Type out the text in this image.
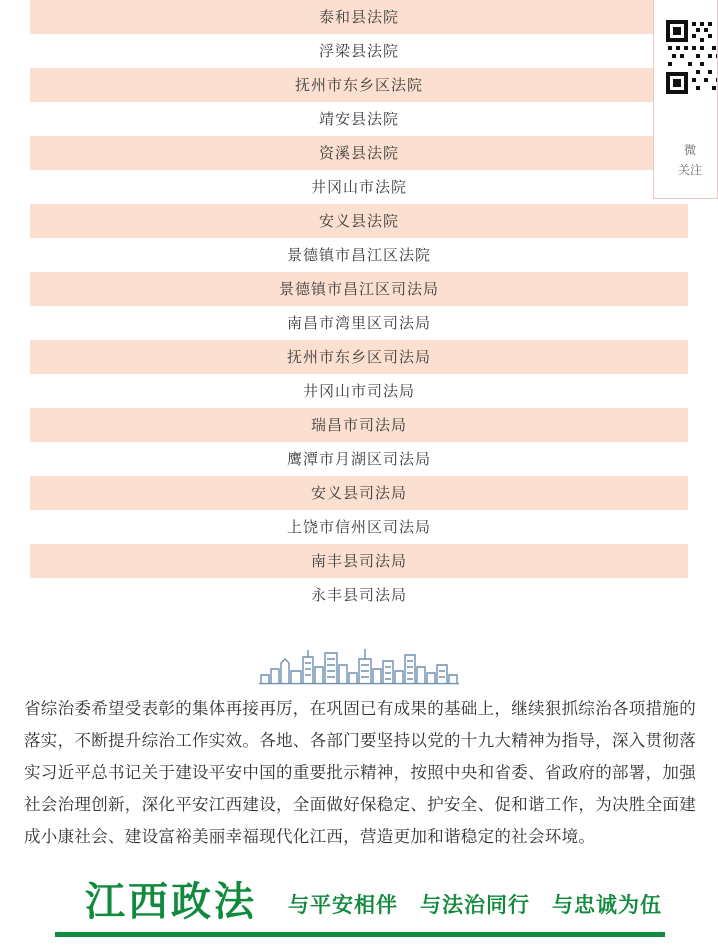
泰和县法院
浮梁县法院
抚州市东乡区法院
靖安县法院
资溪县法院
井冈山市法院
安义县法院
景德镇市昌江区法院
景德镇市昌江区司法局
南昌市湾里区司法局
抚州市东乡区司法局
井冈山市司法局
瑞昌市司法局
鹰潭市月湖区司法局
安义县司法局
上饶市信州区司法局
南丰县司法局
永丰县司法局
微
关注
省综治委希望受表彰的集体再接再厉，在巩固已有成果的基础上，继续狠抓综治各项措施的落实，不断提升综治工作实效。各地、各部门要坚持以党的十九大精神为指导，深入贯彻落实习近平总书记关于建设平安中国的重要批示精神，按照中央和省委、省政府的部署，加强社会治理创新，深化平安江西建设，全面做好保稳定、护安全、促和谐工作，为决胜全面建成小康社会、建设富裕美丽幸福现代化江西，营造更加和谐稳定的社会环境。
江西政法 与平安相伴 与法治同行 与忠诚为伍
